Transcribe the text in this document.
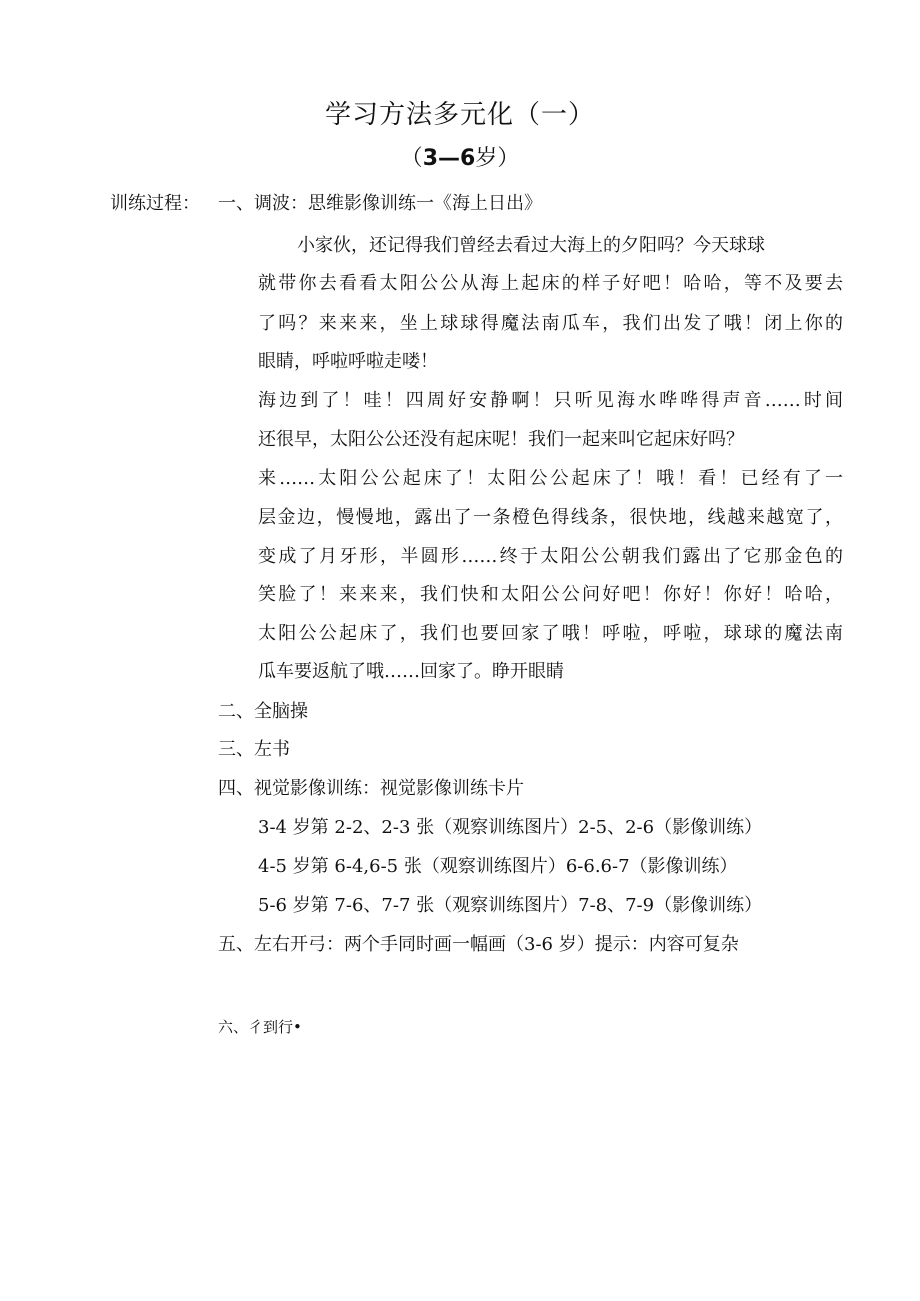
学习方法多元化（一）
（3—6岁）
训练过程： 一、调波：思维影像训练一《海上日出》
小家伙，还记得我们曾经去看过大海上的夕阳吗？今天球球
就带你去看看太阳公公从海上起床的样子好吧！哈哈，等不及要去
了吗？来来来，坐上球球得魔法南瓜车，我们出发了哦！闭上你的
眼睛，呼啦呼啦走喽！
海边到了！哇！四周好安静啊！只听见海水哗哗得声音……时间
还很早，太阳公公还没有起床呢！我们一起来叫它起床好吗？
来……太阳公公起床了！太阳公公起床了！哦！看！已经有了一
层金边，慢慢地，露出了一条橙色得线条，很快地，线越来越宽了，
变成了月牙形，半圆形……终于太阳公公朝我们露出了它那金色的
笑脸了！来来来，我们快和太阳公公问好吧！你好！你好！哈哈，
太阳公公起床了，我们也要回家了哦！呼啦，呼啦，球球的魔法南
瓜车要返航了哦……回家了。睁开眼睛
二、全脑操
三、左书
四、视觉影像训练：视觉影像训练卡片
3-4 岁第 2-2、2-3 张（观察训练图片）2-5、2-6（影像训练）
4-5 岁第 6-4,6-5 张（观察训练图片）6-6.6-7（影像训练）
5-6 岁第 7-6、7-7 张（观察训练图片）7-8、7-9（影像训练）
五、左右开弓：两个手同时画一幅画（3-6 岁）提示：内容可复杂
六、彳到行•
